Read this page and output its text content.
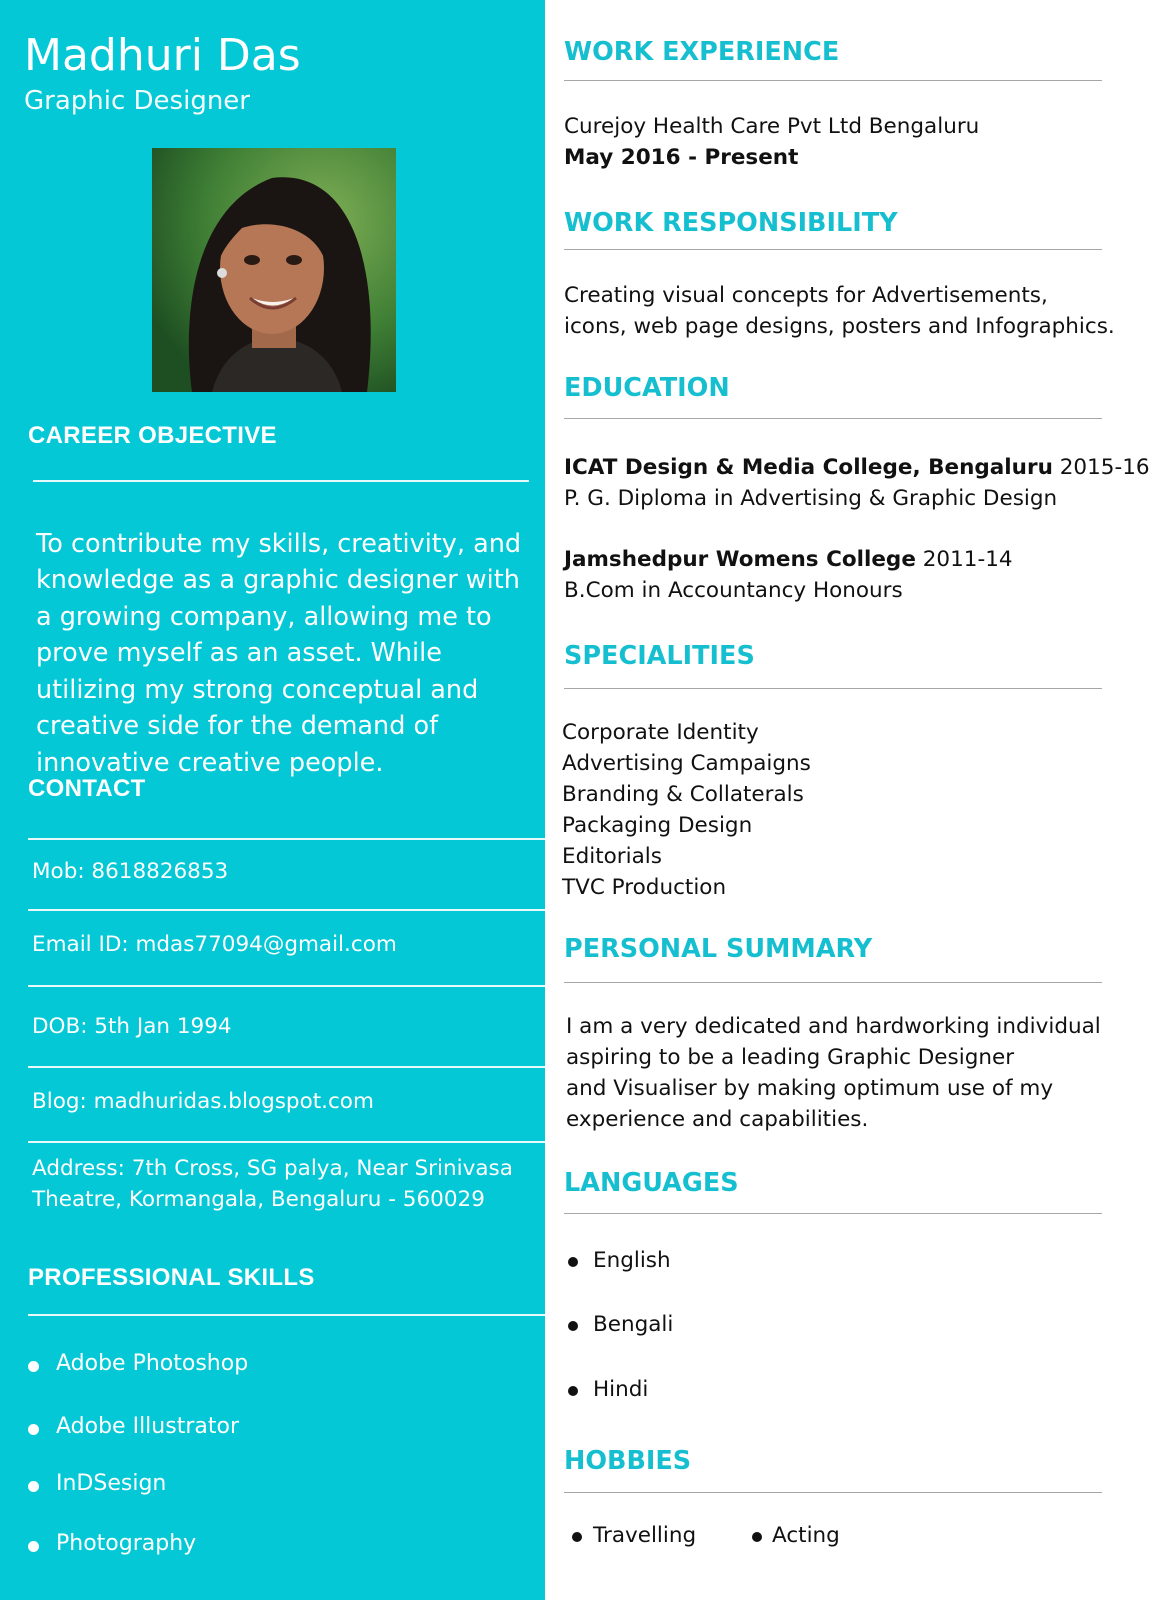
Madhuri Das
Graphic Designer
CAREER OBJECTIVE

To contribute my skills, creativity, and knowledge as a graphic designer with a growing company, allowing me to prove myself as an asset. While utilizing my strong conceptual and creative side for the demand of innovative creative people.

CONTACT
Mob: 8618826853
Email ID: mdas77094@gmail.com
DOB: 5th Jan 1994
Blog: madhuridas.blogspot.com
Address: 7th Cross, SG palya, Near Srinivasa
Theatre, Kormangala, Bengaluru - 560029
PROFESSIONAL SKILLS
Adobe Photoshop
Adobe Illustrator
InDSesign
Photography
WORK EXPERIENCE
Curejoy Health Care Pvt Ltd Bengaluru
May 2016 - Present
WORK RESPONSIBILITY
Creating visual concepts for Advertisements,
icons, web page designs, posters and Infographics.
EDUCATION
ICAT Design & Media College, Bengaluru 2015-16
P. G. Diploma in Advertising & Graphic Design
Jamshedpur Womens College 2011-14
B.Com in Accountancy Honours
SPECIALITIES
Corporate Identity
Advertising Campaigns
Branding & Collaterals
Packaging Design
Editorials
TVC Production
PERSONAL SUMMARY
I am a very dedicated and hardworking individual
aspiring to be a leading Graphic Designer
and Visualiser by making optimum use of my
experience and capabilities.
LANGUAGES
English
Bengali
Hindi
HOBBIES
Travelling	Acting
